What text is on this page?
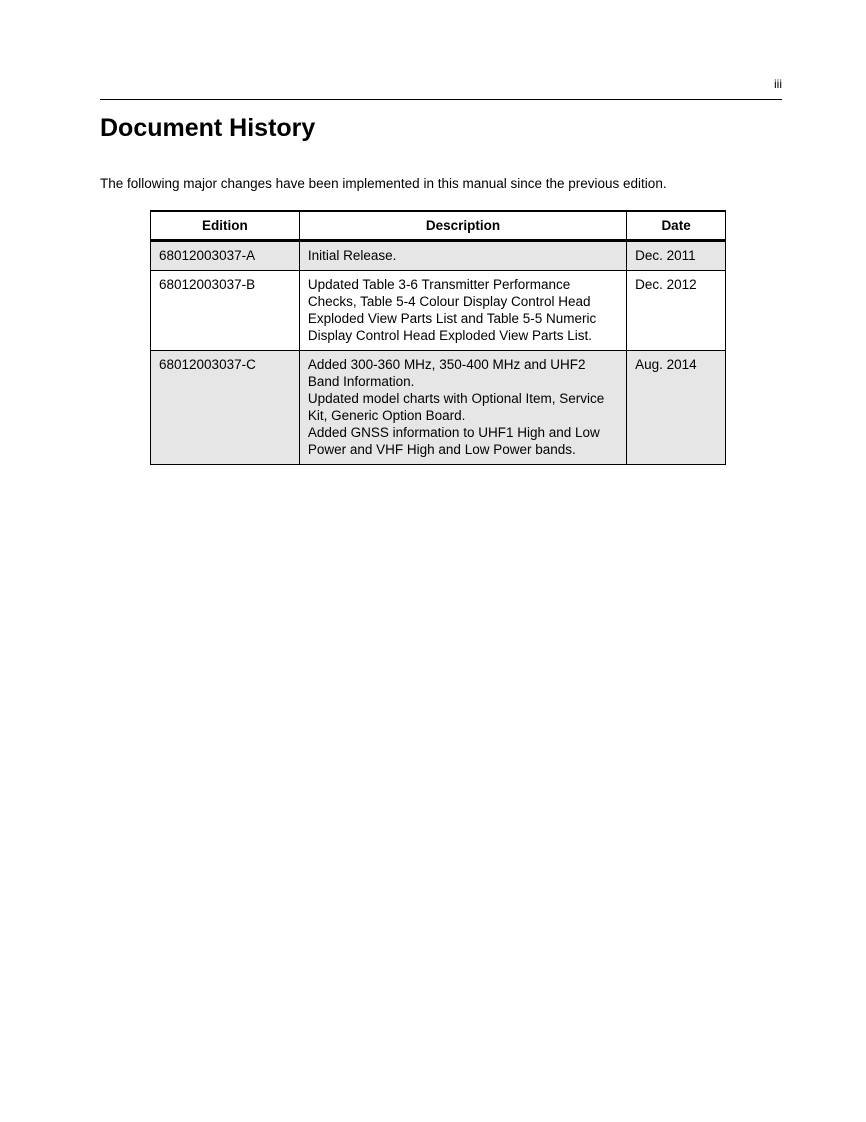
iii
Document History

The following major changes have been implemented in this manual since the previous edition.

Edition	Description	Date
68012003037-A	Initial Release.	Dec. 2011
68012003037-B	Updated Table 3-6 Transmitter Performance Checks, Table 5-4 Colour Display Control Head Exploded View Parts List and Table 5-5 Numeric Display Control Head Exploded View Parts List.	Dec. 2012
68012003037-C	Added 300-360 MHz, 350-400 MHz and UHF2 Band Information.
Updated model charts with Optional Item, Service Kit, Generic Option Board.
Added GNSS information to UHF1 High and Low Power and VHF High and Low Power bands.	Aug. 2014
